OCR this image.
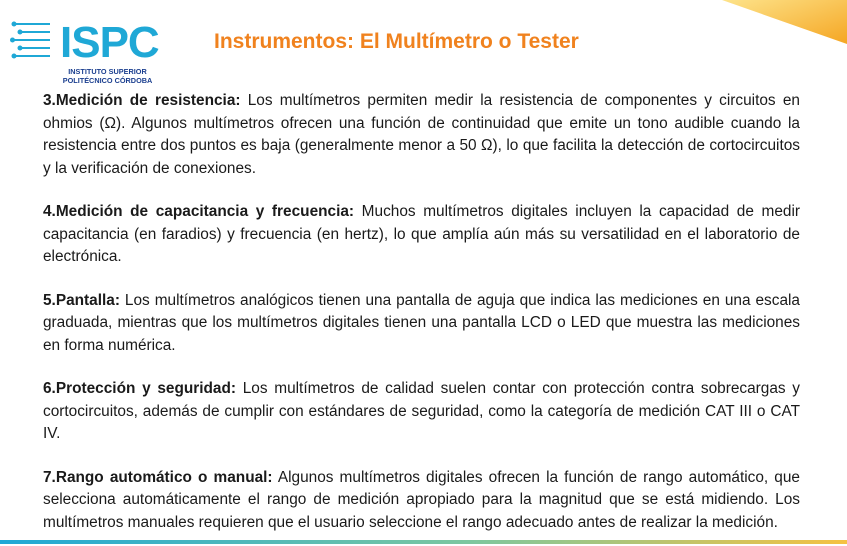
ISPC
INSTITUTO SUPERIOR
POLITÉCNICO CÓRDOBA
Instrumentos: El Multímetro o Tester

3.Medición de resistencia: Los multímetros permiten medir la resistencia de componentes y circuitos en ohmios (Ω). Algunos multímetros ofrecen una función de continuidad que emite un tono audible cuando la resistencia entre dos puntos es baja (generalmente menor a 50 Ω), lo que facilita la detección de cortocircuitos y la verificación de conexiones.

4.Medición de capacitancia y frecuencia: Muchos multímetros digitales incluyen la capacidad de medir capacitancia (en faradios) y frecuencia (en hertz), lo que amplía aún más su versatilidad en el laboratorio de electrónica.

5.Pantalla: Los multímetros analógicos tienen una pantalla de aguja que indica las mediciones en una escala graduada, mientras que los multímetros digitales tienen una pantalla LCD o LED que muestra las mediciones en forma numérica.

6.Protección y seguridad: Los multímetros de calidad suelen contar con protección contra sobrecargas y cortocircuitos, además de cumplir con estándares de seguridad, como la categoría de medición CAT III o CAT IV.

7.Rango automático o manual: Algunos multímetros digitales ofrecen la función de rango automático, que selecciona automáticamente el rango de medición apropiado para la magnitud que se está midiendo. Los multímetros manuales requieren que el usuario seleccione el rango adecuado antes de realizar la medición.
